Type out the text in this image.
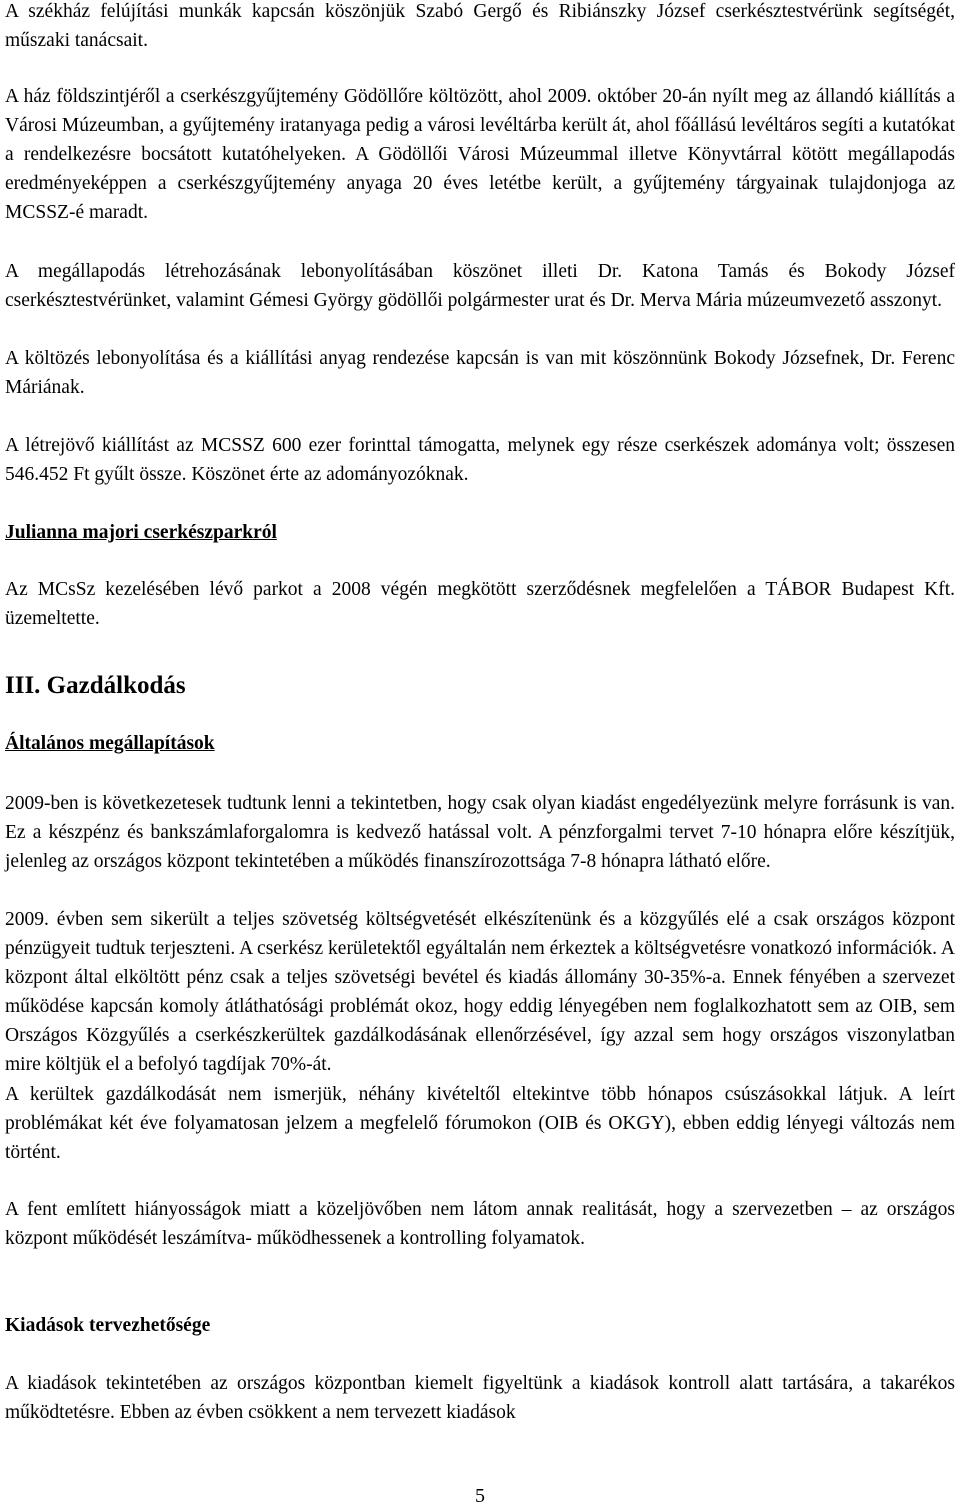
A székház felújítási munkák kapcsán köszönjük Szabó Gergő és Ribiánszky József cserkésztestvérünk segítségét, műszaki tanácsait.

A ház földszintjéről a cserkészgyűjtemény Gödöllőre költözött, ahol 2009. október 20-án nyílt meg az állandó kiállítás a Városi Múzeumban, a gyűjtemény iratanyaga pedig a városi levéltárba került át, ahol főállású levéltáros segíti a kutatókat a rendelkezésre bocsátott kutatóhelyeken. A Gödöllői Városi Múzeummal illetve Könyvtárral kötött megállapodás eredményeképpen a cserkészgyűjtemény anyaga 20 éves letétbe került, a gyűjtemény tárgyainak tulajdonjoga az MCSSZ-é maradt.

A megállapodás létrehozásának lebonyolításában köszönet illeti Dr. Katona Tamás és Bokody József cserkésztestvérünket, valamint Gémesi György gödöllői polgármester urat és Dr. Merva Mária múzeumvezető asszonyt.

A költözés lebonyolítása és a kiállítási anyag rendezése kapcsán is van mit köszönnünk Bokody Józsefnek, Dr. Ferenc Máriának.

A létrejövő kiállítást az MCSSZ 600 ezer forinttal támogatta, melynek egy része cserkészek adománya volt; összesen 546.452 Ft gyűlt össze. Köszönet érte az adományozóknak.

Julianna majori cserkészparkról

Az MCsSz kezelésében lévő parkot a 2008 végén megkötött szerződésnek megfelelően a TÁBOR Budapest Kft. üzemeltette.

III. Gazdálkodás
Általános megállapítások

2009-ben is következetesek tudtunk lenni a tekintetben, hogy csak olyan kiadást engedélyezünk melyre forrásunk is van. Ez a készpénz és bankszámlaforgalomra is kedvező hatással volt. A pénzforgalmi tervet 7-10 hónapra előre készítjük, jelenleg az országos központ tekintetében a működés finanszírozottsága 7-8 hónapra látható előre.

2009. évben sem sikerült a teljes szövetség költségvetését elkészítenünk és a közgyűlés elé a csak országos központ pénzügyeit tudtuk terjeszteni. A cserkész kerületektől egyáltalán nem érkeztek a költségvetésre vonatkozó információk. A központ által elköltött pénz csak a teljes szövetségi bevétel és kiadás állomány 30-35%-a. Ennek fényében a szervezet működése kapcsán komoly átláthatósági problémát okoz, hogy eddig lényegében nem foglalkozhatott sem az OIB, sem Országos Közgyűlés a cserkészkerültek gazdálkodásának ellenőrzésével, így azzal sem hogy országos viszonylatban mire költjük el a befolyó tagdíjak 70%-át.

A kerültek gazdálkodását nem ismerjük, néhány kivételtől eltekintve több hónapos csúszásokkal látjuk. A leírt problémákat két éve folyamatosan jelzem a megfelelő fórumokon (OIB és OKGY), ebben eddig lényegi változás nem történt.

A fent említett hiányosságok miatt a közeljövőben nem látom annak realitását, hogy a szervezetben – az országos központ működését leszámítva- működhessenek a kontrolling folyamatok.

Kiadások tervezhetősége

A kiadások tekintetében az országos központban kiemelt figyeltünk a kiadások kontroll alatt tartására, a takarékos működtetésre. Ebben az évben csökkent a nem tervezett kiadások

5
